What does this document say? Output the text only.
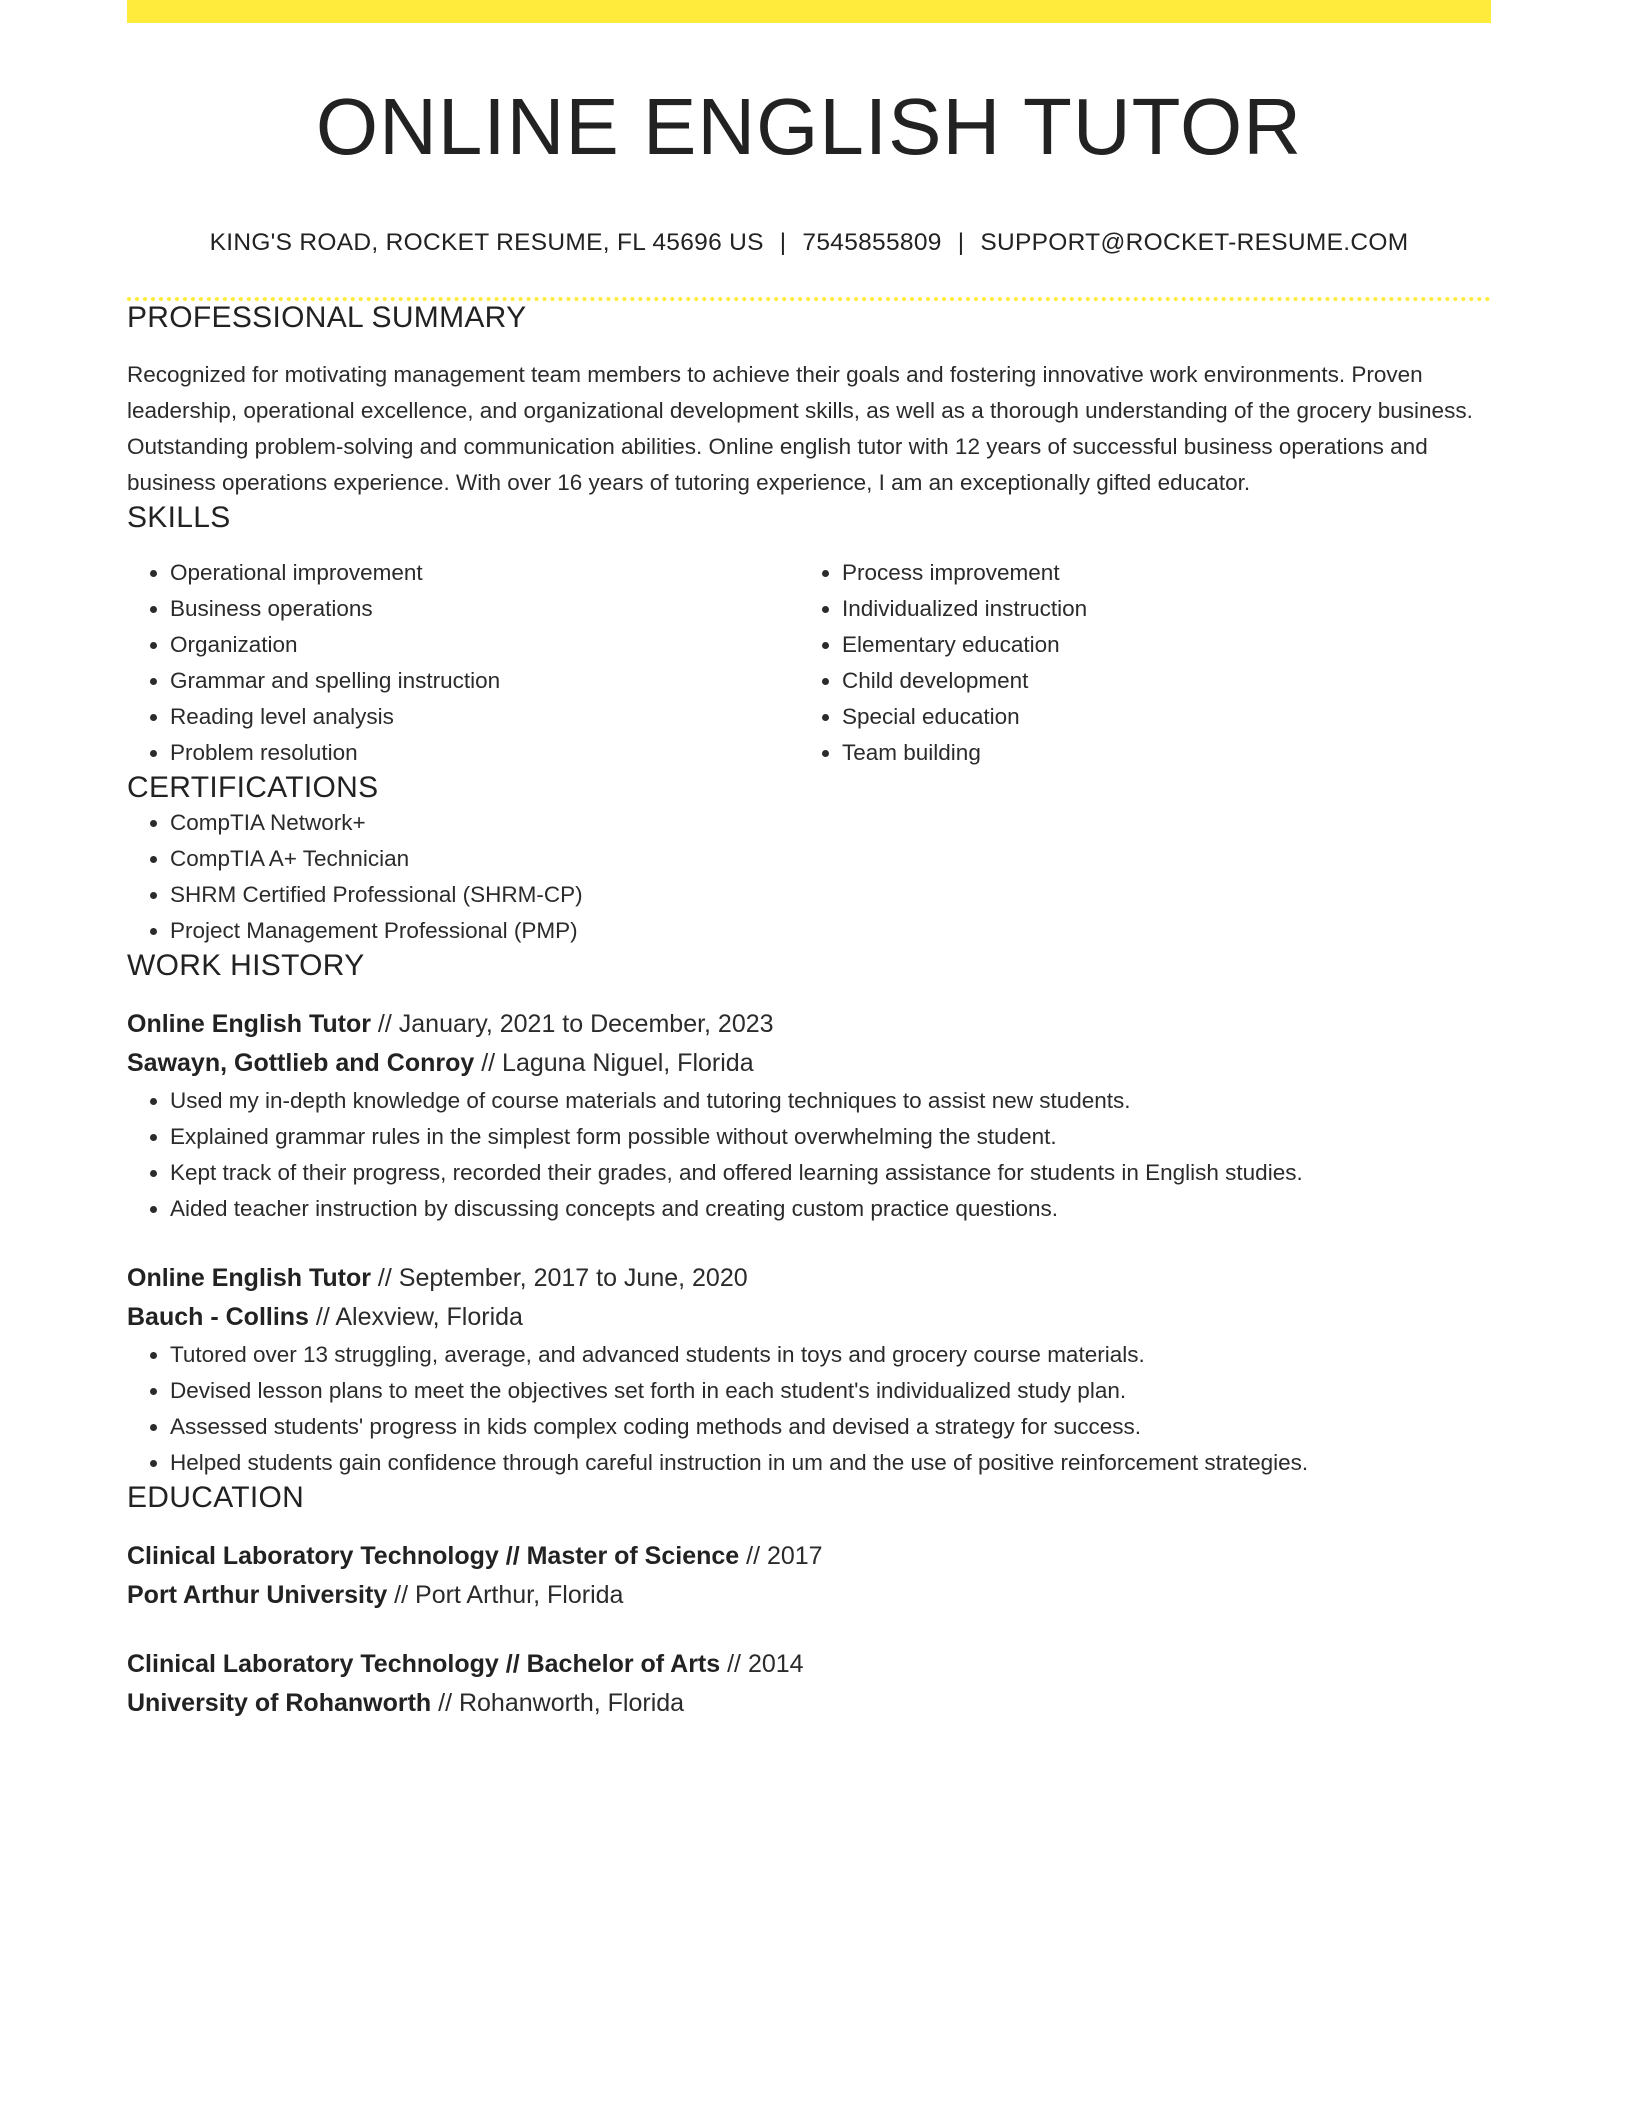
ONLINE ENGLISH TUTOR
KING'S ROAD, ROCKET RESUME, FL 45696 US | 7545855809 | SUPPORT@ROCKET-RESUME.COM
PROFESSIONAL SUMMARY
Recognized for motivating management team members to achieve their goals and fostering innovative work environments. Proven leadership, operational excellence, and organizational development skills, as well as a thorough understanding of the grocery business. Outstanding problem-solving and communication abilities. Online english tutor with 12 years of successful business operations and business operations experience. With over 16 years of tutoring experience, I am an exceptionally gifted educator.
SKILLS
• Operational improvement
• Business operations
• Organization
• Grammar and spelling instruction
• Reading level analysis
• Problem resolution
• Process improvement
• Individualized instruction
• Elementary education
• Child development
• Special education
• Team building
CERTIFICATIONS
• CompTIA Network+
• CompTIA A+ Technician
• SHRM Certified Professional (SHRM-CP)
• Project Management Professional (PMP)
WORK HISTORY
Online English Tutor // January, 2021 to December, 2023
Sawayn, Gottlieb and Conroy // Laguna Niguel, Florida
• Used my in-depth knowledge of course materials and tutoring techniques to assist new students.
• Explained grammar rules in the simplest form possible without overwhelming the student.
• Kept track of their progress, recorded their grades, and offered learning assistance for students in English studies.
• Aided teacher instruction by discussing concepts and creating custom practice questions.
Online English Tutor // September, 2017 to June, 2020
Bauch - Collins // Alexview, Florida
• Tutored over 13 struggling, average, and advanced students in toys and grocery course materials.
• Devised lesson plans to meet the objectives set forth in each student's individualized study plan.
• Assessed students' progress in kids complex coding methods and devised a strategy for success.
• Helped students gain confidence through careful instruction in um and the use of positive reinforcement strategies.
EDUCATION
Clinical Laboratory Technology // Master of Science // 2017
Port Arthur University // Port Arthur, Florida
Clinical Laboratory Technology // Bachelor of Arts // 2014
University of Rohanworth // Rohanworth, Florida
